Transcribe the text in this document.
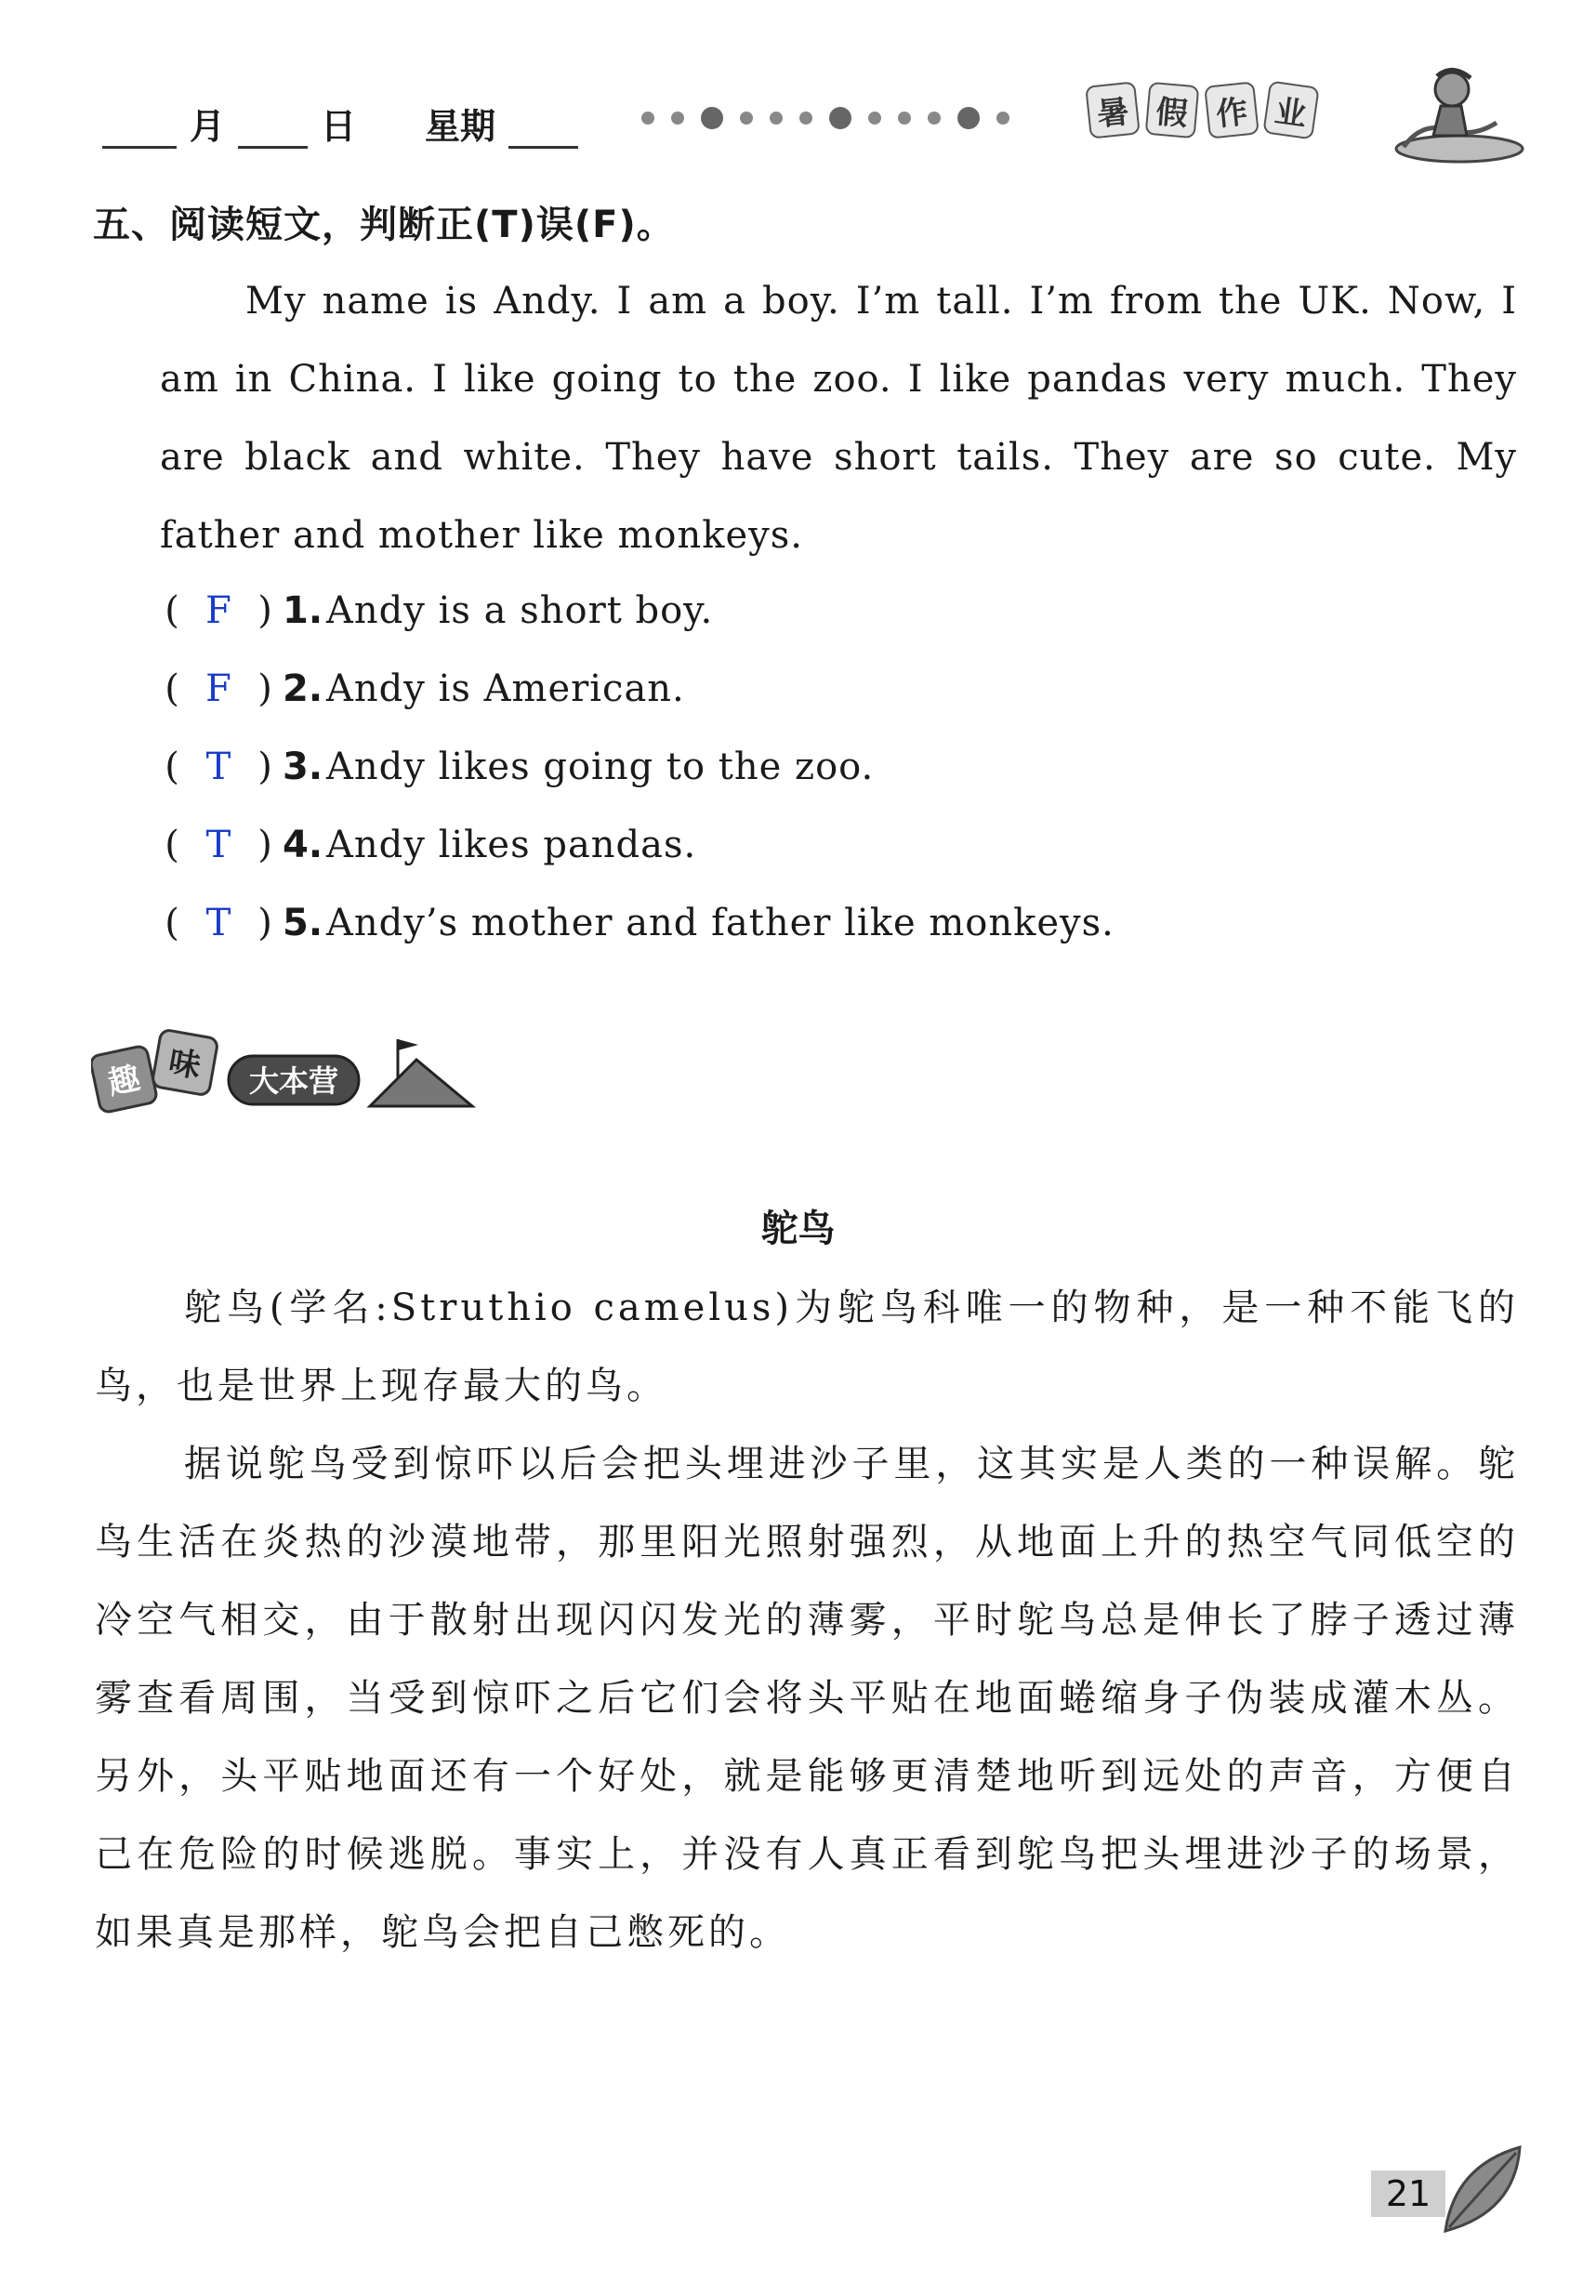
月	日 星期	暑 假 作 业
五、阅读短文，判断正(T)误(F)。
My name is Andy. I am a boy. I’m tall. I’m from the UK. Now, I am in China. I like going to the zoo. I like pandas very much. They are black and white. They have short tails. They are so cute. My father and mother like monkeys.
( F ) 1. Andy is a short boy.
( F ) 2. Andy is American.
( T ) 3. Andy likes going to the zoo.
( T ) 4. Andy likes pandas.
( T ) 5. Andy’s mother and father like monkeys.
趣 味 大本营
鸵鸟

鸵鸟(学名:Struthio camelus)为鸵鸟科唯一的物种，是一种不能飞的鸟，也是世界上现存最大的鸟。

据说鸵鸟受到惊吓以后会把头埋进沙子里，这其实是人类的一种误解。鸵鸟生活在炎热的沙漠地带，那里阳光照射强烈，从地面上升的热空气同低空的冷空气相交，由于散射出现闪闪发光的薄雾，平时鸵鸟总是伸长了脖子透过薄雾查看周围，当受到惊吓之后它们会将头平贴在地面蜷缩身子伪装成灌木丛。另外，头平贴地面还有一个好处，就是能够更清楚地听到远处的声音，方便自己在危险的时候逃脱。事实上，并没有人真正看到鸵鸟把头埋进沙子的场景，如果真是那样，鸵鸟会把自己憋死的。

21
